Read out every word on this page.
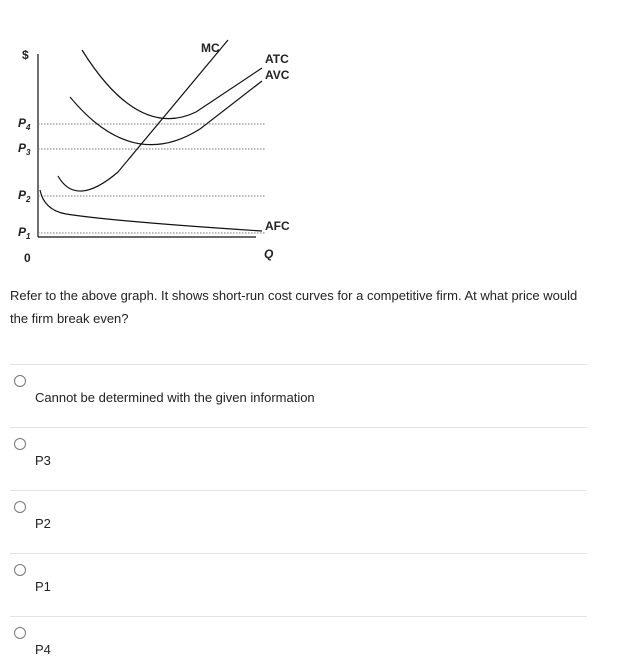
$
Q
0
$P_4$
$P_3$
$P_2$
$P_1$
MC
ATC
AVC
AFC
Refer to the above graph. It shows short-run cost curves for a competitive firm. At what price would the firm break even?
Cannot be determined with the given information
P3
P2
P1
P4
